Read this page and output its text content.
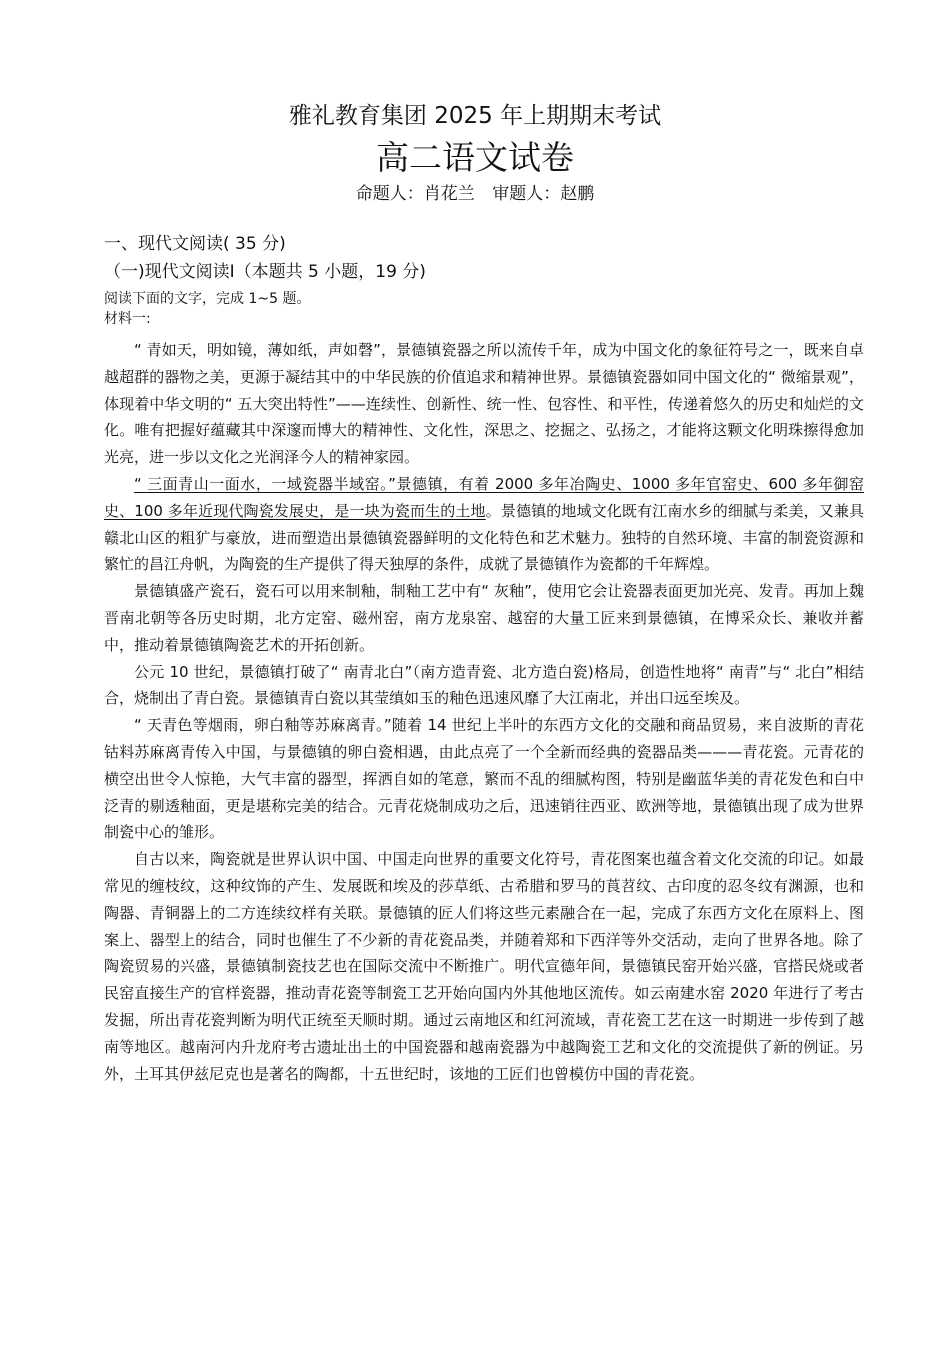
雅礼教育集团 2025 年上期期末考试
高二语文试卷
命题人：肖花兰 审题人：赵鹏
一、现代文阅读( 35 分)
（一)现代文阅读Ⅰ（本题共 5 小题，19 分)
阅读下面的文字，完成 1~5 题。
材料一:

“ 青如天，明如镜，薄如纸，声如磬”，景德镇瓷器之所以流传千年，成为中国文化的象征符号之一，既来自卓越超群的器物之美，更源于凝结其中的中华民族的价值追求和精神世界。景德镇瓷器如同中国文化的“ 微缩景观”，体现着中华文明的“ 五大突出特性”——连续性、创新性、统一性、包容性、和平性，传递着悠久的历史和灿烂的文化。唯有把握好蕴藏其中深邃而博大的精神性、文化性，深思之、挖掘之、弘扬之，才能将这颗文化明珠擦得愈加光亮，进一步以文化之光润泽今人的精神家园。

“ 三面青山一面水，一域瓷器半域窑。”景德镇，有着 2000 多年冶陶史、1000 多年官窑史、600 多年御窑史、100 多年近现代陶瓷发展史，是一块为瓷而生的土地。景德镇的地域文化既有江南水乡的细腻与柔美，又兼具赣北山区的粗犷与豪放，进而塑造出景德镇瓷器鲜明的文化特色和艺术魅力。独特的自然环境、丰富的制瓷资源和繁忙的昌江舟帆，为陶瓷的生产提供了得天独厚的条件，成就了景德镇作为瓷都的千年辉煌。

景德镇盛产瓷石，瓷石可以用来制釉，制釉工艺中有“ 灰釉”，使用它会让瓷器表面更加光亮、发青。再加上魏晋南北朝等各历史时期，北方定窑、磁州窑，南方龙泉窑、越窑的大量工匠来到景德镇，在博采众长、兼收并蓄中，推动着景德镇陶瓷艺术的开拓创新。

公元 10 世纪，景德镇打破了“ 南青北白”（南方造青瓷、北方造白瓷)格局，创造性地将“ 南青”与“ 北白”相结合，烧制出了青白瓷。景德镇青白瓷以其莹缜如玉的釉色迅速风靡了大江南北，并出口远至埃及。

“ 天青色等烟雨，卵白釉等苏麻离青。”随着 14 世纪上半叶的东西方文化的交融和商品贸易，来自波斯的青花钴料苏麻离青传入中国，与景德镇的卵白瓷相遇，由此点亮了一个全新而经典的瓷器品类———青花瓷。元青花的横空出世令人惊艳，大气丰富的器型，挥洒自如的笔意，繁而不乱的细腻构图，特别是幽蓝华美的青花发色和白中泛青的剔透釉面，更是堪称完美的结合。元青花烧制成功之后，迅速销往西亚、欧洲等地，景德镇出现了成为世界制瓷中心的雏形。

自古以来，陶瓷就是世界认识中国、中国走向世界的重要文化符号，青花图案也蕴含着文化交流的印记。如最常见的缠枝纹，这种纹饰的产生、发展既和埃及的莎草纸、古希腊和罗马的莨苕纹、古印度的忍冬纹有渊源，也和陶器、青铜器上的二方连续纹样有关联。景德镇的匠人们将这些元素融合在一起，完成了东西方文化在原料上、图案上、器型上的结合，同时也催生了不少新的青花瓷品类，并随着郑和下西洋等外交活动，走向了世界各地。除了陶瓷贸易的兴盛，景德镇制瓷技艺也在国际交流中不断推广。明代宣德年间，景德镇民窑开始兴盛，官搭民烧或者民窑直接生产的官样瓷器，推动青花瓷等制瓷工艺开始向国内外其他地区流传。如云南建水窑 2020 年进行了考古发掘，所出青花瓷判断为明代正统至天顺时期。通过云南地区和红河流域，青花瓷工艺在这一时期进一步传到了越南等地区。越南河内升龙府考古遗址出土的中国瓷器和越南瓷器为中越陶瓷工艺和文化的交流提供了新的例证。另外，土耳其伊兹尼克也是著名的陶都，十五世纪时，该地的工匠们也曾模仿中国的青花瓷。
